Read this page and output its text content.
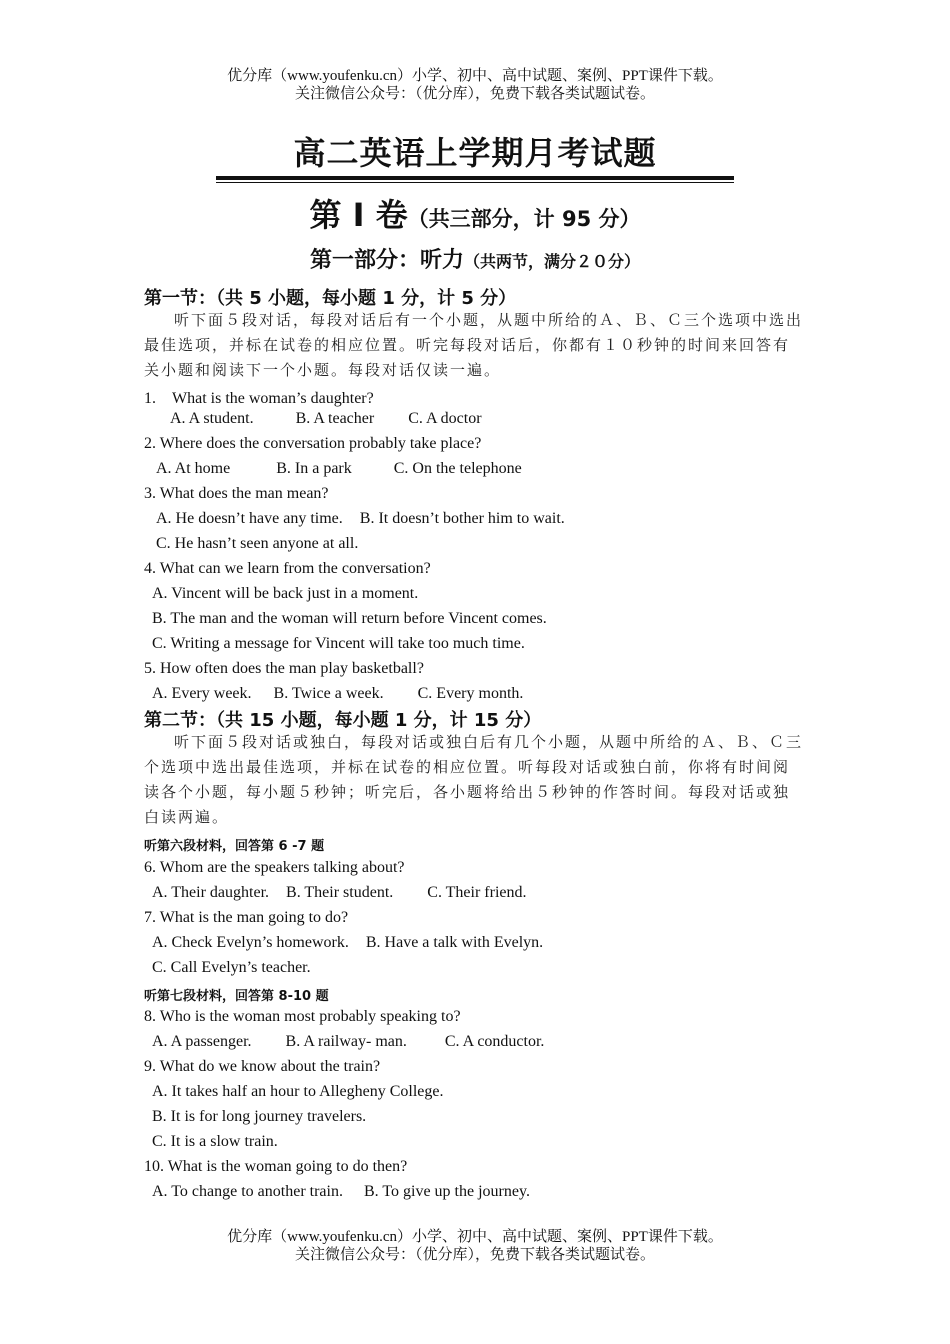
优分库（www.youfenku.cn）小学、初中、高中试题、案例、PPT课件下载。
关注微信公众号：（优分库），免费下载各类试题试卷。
高二英语上学期月考试题
第 Ⅰ 卷（共三部分，计 95 分）
第一部分：听力（共两节，满分２０分）
第一节：（共 5 小题，每小题 1 分，计 5 分）
听下面５段对话，每段对话后有一个小题，从题中所给的Ａ、Ｂ、Ｃ三个选项中选出最佳选项，并标在试卷的相应位置。听完每段对话后，你都有１０秒钟的时间来回答有关小题和阅读下一个小题。每段对话仅读一遍。
1.　What is the woman’s daughter?
A. A student.	B. A teacher C. A doctor
2. Where does the conversation probably take place?
A. At home	B. In a park	C. On the telephone
3. What does the man mean?
A. He doesn’t have any time. B. It doesn’t bother him to wait.
C. He hasn’t seen anyone at all.
4. What can we learn from the conversation?
A. Vincent will be back just in a moment.
B. The man and the woman will return before Vincent comes.
C. Writing a message for Vincent will take too much time.
5. How often does the man play basketball?
A. Every week. B. Twice a week. C. Every month.
第二节：（共 15 小题，每小题 1 分，计 15 分）
听下面５段对话或独白，每段对话或独白后有几个小题，从题中所给的Ａ、Ｂ、Ｃ三个选项中选出最佳选项，并标在试卷的相应位置。听每段对话或独白前，你将有时间阅读各个小题，每小题５秒钟；听完后，各小题将给出５秒钟的作答时间。每段对话或独白读两遍。
听第六段材料，回答第 6 -7 题
6. Whom are the speakers talking about?
A. Their daughter. B. Their student. C. Their friend.
7. What is the man going to do?
A. Check Evelyn’s homework. B. Have a talk with Evelyn.
C. Call Evelyn’s teacher.
听第七段材料，回答第 8-10 题
8. Who is the woman most probably speaking to?
A. A passenger. B. A railway- man. C. A conductor.
9. What do we know about the train?
A. It takes half an hour to Allegheny College.
B. It is for long journey travelers.
C. It is a slow train.
10. What is the woman going to do then?
A. To change to another train. B. To give up the journey.
优分库（www.youfenku.cn）小学、初中、高中试题、案例、PPT课件下载。
关注微信公众号：（优分库），免费下载各类试题试卷。
